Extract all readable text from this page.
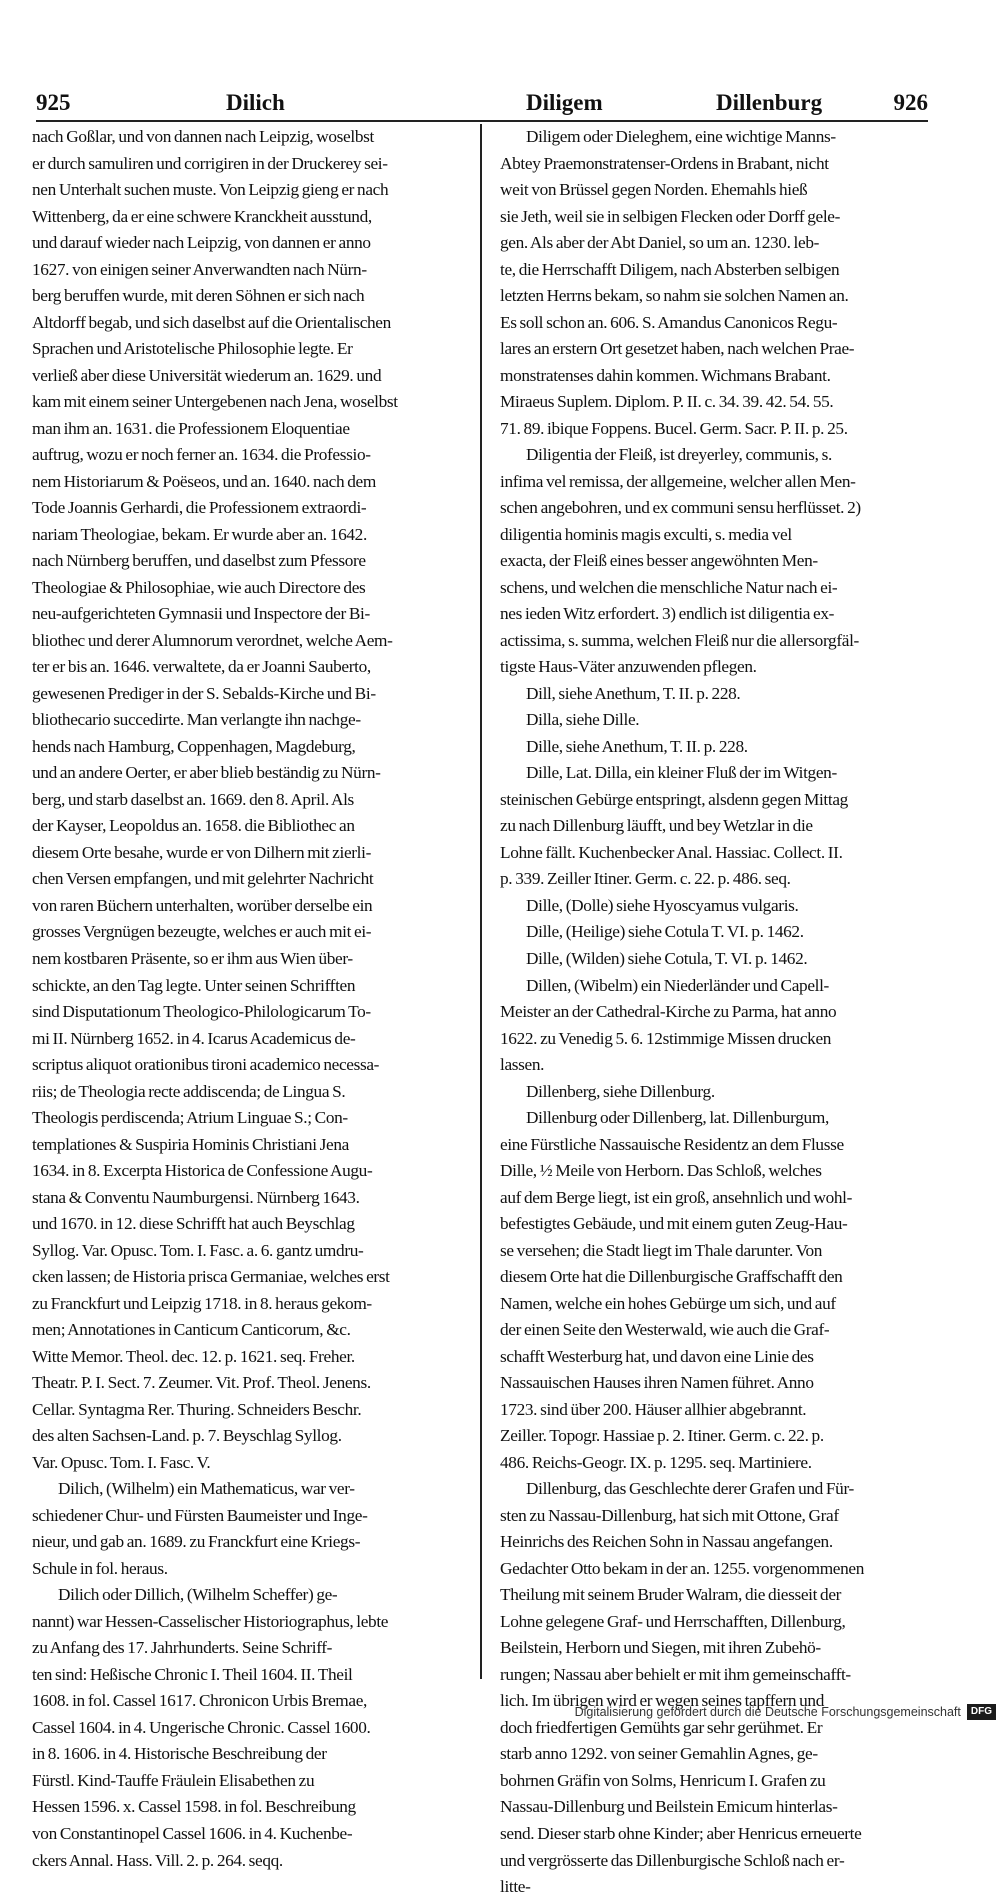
925	Dilich	Diligem	Dillenburg	926
nach Goßlar, und von dannen nach Leipzig, woselbst
er durch samuliren und corrigiren in der Druckerey sei-
nen Unterhalt suchen muste. Von Leipzig gieng er nach
Wittenberg, da er eine schwere Kranckheit ausstund,
und darauf wieder nach Leipzig, von dannen er anno
1627. von einigen seiner Anverwandten nach Nürn-
berg beruffen wurde, mit deren Söhnen er sich nach
Altdorff begab, und sich daselbst auf die Orientalischen
Sprachen und Aristotelische Philosophie legte. Er
verließ aber diese Universität wiederum an. 1629. und
kam mit einem seiner Untergebenen nach Jena, woselbst
man ihm an. 1631. die Professionem Eloquentiae
auftrug, wozu er noch ferner an. 1634. die Professio-
nem Historiarum & Poëseos, und an. 1640. nach dem
Tode Joannis Gerhardi, die Professionem extraordi-
nariam Theologiae, bekam. Er wurde aber an. 1642.
nach Nürnberg beruffen, und daselbst zum Pfessore
Theologiae & Philosophiae, wie auch Directore des
neu-aufgerichteten Gymnasii und Inspectore der Bi-
bliothec und derer Alumnorum verordnet, welche Aem-
ter er bis an. 1646. verwaltete, da er Joanni Sauberto,
gewesenen Prediger in der S. Sebalds-Kirche und Bi-
bliothecario succedirte. Man verlangte ihn nachge-
hends nach Hamburg, Coppenhagen, Magdeburg,
und an andere Oerter, er aber blieb beständig zu Nürn-
berg, und starb daselbst an. 1669. den 8. April. Als
der Kayser, Leopoldus an. 1658. die Bibliothec an
diesem Orte besahe, wurde er von Dilhern mit zierli-
chen Versen empfangen, und mit gelehrter Nachricht
von raren Büchern unterhalten, worüber derselbe ein
grosses Vergnügen bezeugte, welches er auch mit ei-
nem kostbaren Präsente, so er ihm aus Wien über-
schickte, an den Tag legte. Unter seinen Schrifften
sind Disputationum Theologico-Philologicarum To-
mi II. Nürnberg 1652. in 4. Icarus Academicus de-
scriptus aliquot orationibus tironi academico necessa-
riis; de Theologia recte addiscenda; de Lingua S.
Theologis perdiscenda; Atrium Linguae S.; Con-
templationes & Suspiria Hominis Christiani Jena
1634. in 8. Excerpta Historica de Confessione Augu-
stana & Conventu Naumburgensi. Nürnberg 1643.
und 1670. in 12. diese Schrifft hat auch Beyschlag
Syllog. Var. Opusc. Tom. I. Fasc. a. 6. gantz umdru-
cken lassen; de Historia prisca Germaniae, welches erst
zu Franckfurt und Leipzig 1718. in 8. heraus gekom-
men; Annotationes in Canticum Canticorum, &c.
Witte Memor. Theol. dec. 12. p. 1621. seq. Freher.
Theatr. P. I. Sect. 7. Zeumer. Vit. Prof. Theol. Jenens.
Cellar. Syntagma Rer. Thuring. Schneiders Beschr.
des alten Sachsen-Land. p. 7. Beyschlag Syllog.
Var. Opusc. Tom. I. Fasc. V.
Dilich, (Wilhelm) ein Mathematicus, war ver-
schiedener Chur- und Fürsten Baumeister und Inge-
nieur, und gab an. 1689. zu Franckfurt eine Kriegs-
Schule in fol. heraus.
Dilich oder Dillich, (Wilhelm Scheffer) ge-
nannt) war Hessen-Casselischer Historiographus, lebte
zu Anfang des 17. Jahrhunderts. Seine Schriff-
ten sind: Heßische Chronic I. Theil 1604. II. Theil
1608. in fol. Cassel 1617. Chronicon Urbis Bremae,
Cassel 1604. in 4. Ungerische Chronic. Cassel 1600.
in 8. 1606. in 4. Historische Beschreibung der
Fürstl. Kind-Tauffe Fräulein Elisabethen zu
Hessen 1596. x. Cassel 1598. in fol. Beschreibung
von Constantinopel Cassel 1606. in 4. Kuchenbe-
ckers Annal. Hass. Vill. 2. p. 264. seqq.
Diligem oder Dieleghem, eine wichtige Manns-
Abtey Praemonstratenser-Ordens in Brabant, nicht
weit von Brüssel gegen Norden. Ehemahls hieß
sie Jeth, weil sie in selbigen Flecken oder Dorff gele-
gen. Als aber der Abt Daniel, so um an. 1230. leb-
te, die Herrschafft Diligem, nach Absterben selbigen
letzten Herrns bekam, so nahm sie solchen Namen an.
Es soll schon an. 606. S. Amandus Canonicos Regu-
lares an erstern Ort gesetzet haben, nach welchen Prae-
monstratenses dahin kommen. Wichmans Brabant.
Miraeus Suplem. Diplom. P. II. c. 34. 39. 42. 54. 55.
71. 89. ibique Foppens. Bucel. Germ. Sacr. P. II. p. 25.
Diligentia der Fleiß, ist dreyerley, communis, s.
infima vel remissa, der allgemeine, welcher allen Men-
schen angebohren, und ex communi sensu herflüsset. 2)
diligentia hominis magis exculti, s. media vel
exacta, der Fleiß eines besser angewöhnten Men-
schens, und welchen die menschliche Natur nach ei-
nes ieden Witz erfordert. 3) endlich ist diligentia ex-
actissima, s. summa, welchen Fleiß nur die allersorgfäl-
tigste Haus-Väter anzuwenden pflegen.
Dill, siehe Anethum, T. II. p. 228.
Dilla, siehe Dille.
Dille, siehe Anethum, T. II. p. 228.
Dille, Lat. Dilla, ein kleiner Fluß der im Witgen-
steinischen Gebürge entspringt, alsdenn gegen Mittag
zu nach Dillenburg läufft, und bey Wetzlar in die
Lohne fällt. Kuchenbecker Anal. Hassiac. Collect. II.
p. 339. Zeiller Itiner. Germ. c. 22. p. 486. seq.
Dille, (Dolle) siehe Hyoscyamus vulgaris.
Dille, (Heilige) siehe Cotula T. VI. p. 1462.
Dille, (Wilden) siehe Cotula, T. VI. p. 1462.
Dillen, (Wibelm) ein Niederländer und Capell-
Meister an der Cathedral-Kirche zu Parma, hat anno
1622. zu Venedig 5. 6. 12stimmige Missen drucken
lassen.
Dillenberg, siehe Dillenburg.
Dillenburg oder Dillenberg, lat. Dillenburgum,
eine Fürstliche Nassauische Residentz an dem Flusse
Dille, ½ Meile von Herborn. Das Schloß, welches
auf dem Berge liegt, ist ein groß, ansehnlich und wohl-
befestigtes Gebäude, und mit einem guten Zeug-Hau-
se versehen; die Stadt liegt im Thale darunter. Von
diesem Orte hat die Dillenburgische Graffschafft den
Namen, welche ein hohes Gebürge um sich, und auf
der einen Seite den Westerwald, wie auch die Graf-
schafft Westerburg hat, und davon eine Linie des
Nassauischen Hauses ihren Namen führet. Anno
1723. sind über 200. Häuser allhier abgebrannt.
Zeiller. Topogr. Hassiae p. 2. Itiner. Germ. c. 22. p.
486. Reichs-Geogr. IX. p. 1295. seq. Martiniere.
Dillenburg, das Geschlechte derer Grafen und Für-
sten zu Nassau-Dillenburg, hat sich mit Ottone, Graf
Heinrichs des Reichen Sohn in Nassau angefangen.
Gedachter Otto bekam in der an. 1255. vorgenommenen
Theilung mit seinem Bruder Walram, die diesseit der
Lohne gelegene Graf- und Herrschafften, Dillenburg,
Beilstein, Herborn und Siegen, mit ihren Zubehö-
rungen; Nassau aber behielt er mit ihm gemeinschafft-
lich. Im übrigen wird er wegen seines tapffern und
doch friedfertigen Gemühts gar sehr gerühmet. Er
starb anno 1292. von seiner Gemahlin Agnes, ge-
bohrnen Gräfin von Solms, Henricum I. Grafen zu
Nassau-Dillenburg und Beilstein Emicum hinterlas-
send. Dieser starb ohne Kinder; aber Henricus erneuerte
und vergrösserte das Dillenburgische Schloß nach er-
litte-
Digitalisierung gefördert durch die Deutsche Forschungsgemeinschaft	DFG
